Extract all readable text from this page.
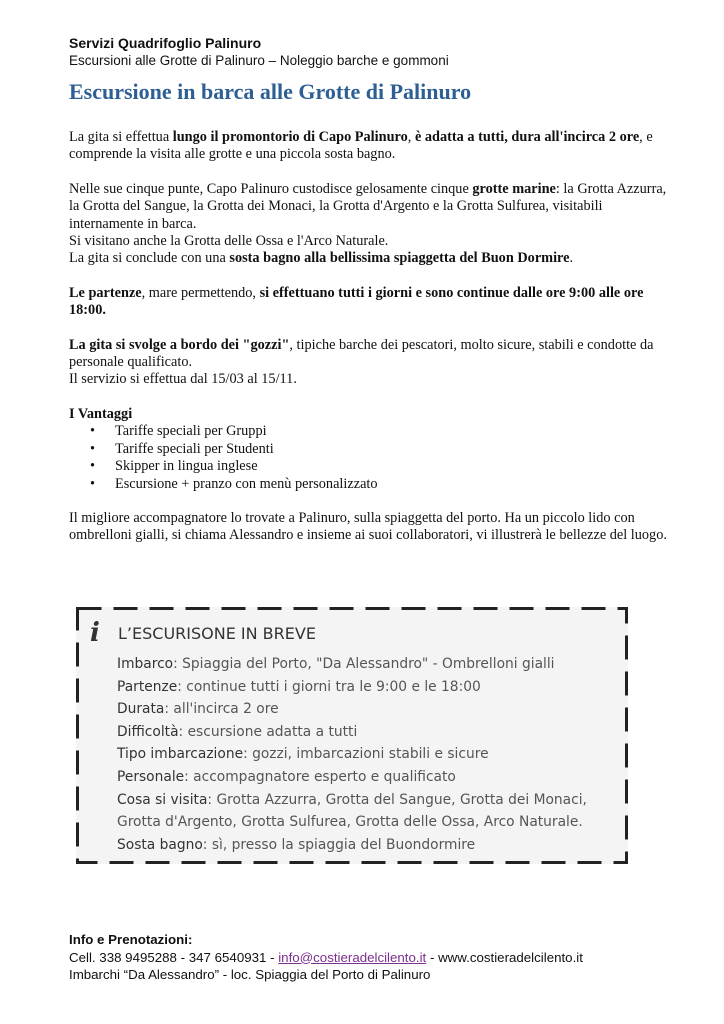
Servizi Quadrifoglio Palinuro
Escursioni alle Grotte di Palinuro – Noleggio barche e gommoni
Escursione in barca alle Grotte di Palinuro

La gita si effettua lungo il promontorio di Capo Palinuro, è adatta a tutti, dura all'incirca 2 ore, e comprende la visita alle grotte e una piccola sosta bagno.

Nelle sue cinque punte, Capo Palinuro custodisce gelosamente cinque grotte marine: la Grotta Azzurra, la Grotta del Sangue, la Grotta dei Monaci, la Grotta d'Argento e la Grotta Sulfurea, visitabili internamente in barca.
Si visitano anche la Grotta delle Ossa e l'Arco Naturale.
La gita si conclude con una sosta bagno alla bellissima spiaggetta del Buon Dormire.

Le partenze, mare permettendo, si effettuano tutti i giorni e sono continue dalle ore 9:00 alle ore 18:00.

La gita si svolge a bordo dei "gozzi", tipiche barche dei pescatori, molto sicure, stabili e condotte da personale qualificato.
Il servizio si effettua dal 15/03 al 15/11.

I Vantaggi

• Tariffe speciali per Gruppi
• Tariffe speciali per Studenti
• Skipper in lingua inglese
• Escursione + pranzo con menù personalizzato

Il migliore accompagnatore lo trovate a Palinuro, sulla spiaggetta del porto. Ha un piccolo lido con ombrelloni gialli, si chiama Alessandro e insieme ai suoi collaboratori, vi illustrerà le bellezze del luogo.

i L’ESCURISONE IN BREVE
Imbarco: Spiaggia del Porto, "Da Alessandro" - Ombrelloni gialli
Partenze: continue tutti i giorni tra le 9:00 e le 18:00
Durata: all'incirca 2 ore
Difficoltà: escursione adatta a tutti
Tipo imbarcazione: gozzi, imbarcazioni stabili e sicure
Personale: accompagnatore esperto e qualificato
Cosa si visita: Grotta Azzurra, Grotta del Sangue, Grotta dei Monaci, Grotta d'Argento, Grotta Sulfurea, Grotta delle Ossa, Arco Naturale.
Sosta bagno: sì, presso la spiaggia del Buondormire
Info e Prenotazioni:
Cell. 338 9495288 - 347 6540931 - info@costieradelcilento.it - www.costieradelcilento.it
Imbarchi “Da Alessandro” - loc. Spiaggia del Porto di Palinuro
